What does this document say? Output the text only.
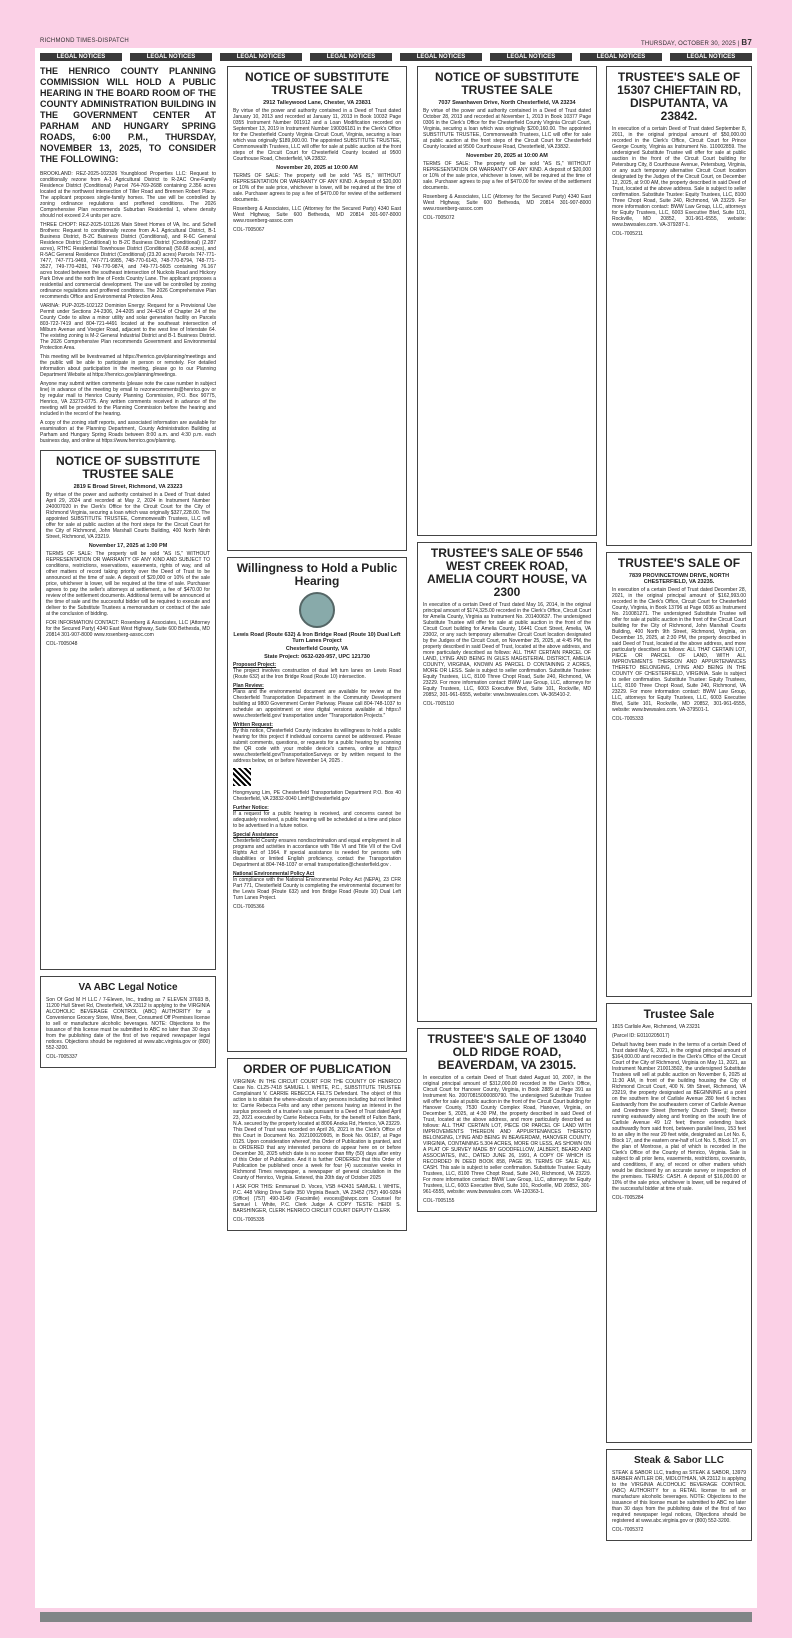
RICHMOND TIMES-DISPATCH	THURSDAY, OCTOBER 30, 2025 | B7
LEGAL NOTICES	LEGAL NOTICES	LEGAL NOTICES	LEGAL NOTICES	LEGAL NOTICES	LEGAL NOTICES	LEGAL NOTICES	LEGAL NOTICES
THE HENRICO COUNTY PLANNING COMMISSION WILL HOLD A PUBLIC HEARING IN THE BOARD ROOM OF THE COUNTY ADMINISTRATION BUILDING IN THE GOVERNMENT CENTER AT PARHAM AND HUNGARY SPRING ROADS, 6:00 P.M., THURSDAY, NOVEMBER 13, 2025, TO CONSIDER THE FOLLOWING:

BROOKLAND: REZ-2025-102326 Youngblood Properties LLC: Request to conditionally rezone from A-1 Agricultural District to R-2AC One-Family Residence District (Conditional) Parcel 764-769-2688 containing 2.356 acres located at the northwest intersection of Tiller Road and Brennen Robert Place. The applicant proposes single-family homes. The use will be controlled by zoning ordinance regulations and proffered conditions. The 2026 Comprehensive Plan recommends Suburban Residential 1, where density should not exceed 2.4 units per acre.

THREE CHOPT: REZ-2025-101126 Main Street Homes of VA, Inc. and Schell Brothers: Request to conditionally rezone from A-1 Agricultural District, B-1 Business District, B-2C Business District (Conditional), and R-6C General Residence District (Conditional) to B-2C Business District (Conditional) (2.287 acres), RTHC Residential Townhouse District (Conditional) (50.68 acres), and R-5AC General Residence District (Conditional) (23.20 acres) Parcels 747-771-7477, 747-771-9469, 747-771-9985, 748-770-6143, 748-770-8794, 748-771-3527, 749-770-4281, 749-770-9874, and 749-771-5605 containing 76.167 acres located between the southeast intersection of Nuckols Road and Hickory Park Drive and the north line of Fords Country Lane. The applicant proposes a residential and commercial development. The use will be controlled by zoning ordinance regulations and proffered conditions. The 2026 Comprehensive Plan recommends Office and Environmental Protection Area.

VARINA: PUP-2025-102122 Dominion Energy: Request for a Provisional Use Permit under Sections 24-2306, 24-4205 and 24-4314 of Chapter 24 of the County Code to allow a minor utility and solar generation facility on Parcels 803-722-7419 and 804-721-4491 located at the southeast intersection of Milburn Avenue and Voegier Road, adjacent to the west line of Interstate 64. The existing zoning is M-2 General Industrial District and B-1 Business District. The 2026 Comprehensive Plan recommends Government and Environmental Protection Area.

This meeting will be livestreamed at https://henrico.gov/planning/meetings and the public will be able to participate in person or remotely. For detailed information about participation in the meeting, please go to our Planning Department Website at https://henrico.gov/planning/meetings.

Anyone may submit written comments (please note the case number in subject line) in advance of the meeting by email to rezonecomments@henrico.gov or by regular mail to Henrico County Planning Commission, P.O. Box 90775, Henrico, VA 23273-0775. Any written comments received in advance of the meeting will be provided to the Planning Commission before the hearing and included in the record of the hearing.

A copy of the zoning staff reports, and associated information are available for examination at the Planning Department, County Administration Building at Parham and Hungary Spring Roads between 8:00 a.m. and 4:30 p.m. each business day, and online at https://www.henrico.gov/planning.

NOTICE OF SUBSTITUTE TRUSTEE SALE
2819 E Broad Street, Richmond, VA 23223

By virtue of the power and authority contained in a Deed of Trust dated April 29, 2024 and recorded at May 2, 2024 in Instrument Number 240007020 in the Clerk's Office for the Circuit Court for the City of Richmond Virginia, securing a loan which was originally $327,228.00. The appointed SUBSTITUTE TRUSTEE, Commonwealth Trustees, LLC will offer for sale at public auction at the front steps for the Circuit Court for the City of Richmond, John Marshall Courts Building, 400 North Ninth Street, Richmond, VA 23219.

November 17, 2025 at 1:00 PM

TERMS OF SALE: The property will be sold "AS IS," WITHOUT REPRESENTATION OR WARRANTY OF ANY KIND AND SUBJECT TO conditions, restrictions, reservations, easements, rights of way, and all other matters of record taking priority over the Deed of Trust to be announced at the time of sale. A deposit of $20,000 or 10% of the sale price, whichever is lower, will be required at the time of sale. Purchaser agrees to pay the seller's attorneys at settlement, a fee of $470.00 for review of the settlement documents. Additional terms will be announced at the time of sale and the successful bidder will be required to execute and deliver to the Substitute Trustees a memorandum or contract of the sale at the conclusion of bidding.

FOR INFORMATION CONTACT: Rosenberg & Associates, LLC (Attorney for the Secured Party) 4340 East West Highway, Suite 600 Bethesda, MD 20814 301-907-8000 www.rosenberg-assoc.com

COL-7005048

VA ABC Legal Notice

Son Of God M H LLC / 7-Eleven, Inc., trading as 7 ELEVEN 37693 B, 11200 Hull Street Rd, Chesterfield, VA 23112 is applying to the VIRGINIA ALCOHOLIC BEVERAGE CONTROL (ABC) AUTHORITY for a Convenience Grocery Store, Wine, Beer, Consumed Off Premises license to sell or manufacture alcoholic beverages. NOTE: Objections to the issuance of this license must be submitted to ABC no later than 30 days from the publishing date of the first of two required newspaper legal notices. Objections should be registered at www.abc.virginia.gov or (800) 552-3200.

COL-7005337

NOTICE OF SUBSTITUTE TRUSTEE SALE
2912 Talleywood Lane, Chester, VA 23831

By virtue of the power and authority contained in a Deed of Trust dated January 10, 2013 and recorded at January 11, 2013 in Book 10032 Page 0355 Instrument Number 001912 and a Loan Modification recorded on September 13, 2019 in Instrument Number 190036181 in the Clerk's Office for the Chesterfield County Virginia Circuit Court, Virginia, securing a loan which was originally $189,000.00. The appointed SUBSTITUTE TRUSTEE, Commonwealth Trustees, LLC will offer for sale at public auction at the front steps of the Circuit Court for Chesterfield County located at 9500 Courthouse Road, Chesterfield, VA 23832.

November 20, 2025 at 10:00 AM

TERMS OF SALE: The property will be sold "AS IS," WITHOUT REPRESENTATION OR WARRANTY OF ANY KIND. A deposit of $20,000 or 10% of the sale price, whichever is lower, will be required at the time of sale. Purchaser agrees to pay a fee of $470.00 for review of the settlement documents.

Rosenberg & Associates, LLC (Attorney for the Secured Party) 4340 East West Highway, Suite 600 Bethesda, MD 20814 301-907-8000 www.rosenberg-assoc.com

COL-7005067

Willingness to Hold a Public Hearing
Lewis Road (Route 632) & Iron Bridge Road (Route 10) Dual Left Turn Lanes Project
Chesterfield County, VA
State Project: 0632-020-957, UPC 121730
Proposed Project:

The project involves construction of dual left turn lanes on Lewis Road (Route 632) at the Iron Bridge Road (Route 10) intersection.

Plan Review:

Plans and the environmental document are available for review at the Chesterfield Transportation Department in the Community Development building at 9800 Government Center Parkway. Please call 804-748-1037 to schedule an appointment or view digital versions available at https:// www.chesterfield.gov/ transportation under "Transportation Projects."

Written Request:

By this notice, Chesterfield County indicates its willingness to hold a public hearing for this project if individual concerns cannot be addressed. Please submit comments, questions, or requests for a public hearing by scanning the QR code with your mobile device's camera, online at https:// www.chesterfield.gov/TransportationSurveys or by written request to the address below, on or before November 14, 2025 .

Hongmyung Lim, PE Chesterfield Transportation Department P.O. Box 40 Chesterfield, VA 23832-0040 LimH@chesterfield.gov

Further Notice:

If a request for a public hearing is received, and concerns cannot be adequately resolved, a public hearing will be scheduled at a time and place to be advertised in a future notice.

Special Assistance

Chesterfield County ensures nondiscrimination and equal employment in all programs and activities in accordance with Title VI and Title VII of the Civil Rights Act of 1964. If special assistance is needed for persons with disabilities or limited English proficiency, contact the Transportation Department at 804-748-1037 or email transportation@chesterfield.gov .

National Environmental Policy Act

In compliance with the National Environmental Policy Act (NEPA), 23 CFR Part 771, Chesterfield County is completing the environmental document for the Lewis Road (Route 632) and Iron Bridge Road (Route 10) Dual Left Turn Lanes Project.

COL-7005366

ORDER OF PUBLICATION

VIRGINIA: IN THE CIRCUIT COURT FOR THE COUNTY OF HENRICO Case No. CL25-7418 SAMUEL I. WHITE, P.C., SUBSTITUTE TRUSTEE Complainant V. CARRIE REBECCA FELTS Defendant. The object of this action is to obtain the where-abouts of any persons including but not limited to: Carrie Rebecca Felts and any other persons having an interest in the surplus proceeds of a trustee's sale pursuant to a Deed of Trust dated April 23, 2021 executed by Carrie Rebecca Felts, for the benefit of Fulton Bank, N.A. secured by the property located at 8006 Anoka Rd, Henrico, VA 23229. This Deed of Trust was recorded on April 26, 2021 in the Clerk's Office of this Court in Document No. 202100020905, in Book No. 06187, at Page 0125. Upon consideration whereof, this Order of Publication is granted, and is ORDERED that any interested persons do appear here on or before December 30, 2025 which date is no sooner than fifty (50) days after entry of this Order of Publication. And it is further ORDERED that this Order of Publication be published once a week for four (4) successive weeks in Richmond Times newspaper, a newspaper of general circulation in the County of Henrico, Virginia. Entered, this 20th day of October 2025

I ASK FOR THIS: Emmanuel D. Voces, VSB #42431 SAMUEL I. WHITE, P.C. 448 Viking Drive Suite 350 Virginia Beach, VA 23452 (757) 490-9284 (Office) (757) 490-3149 (Facsimile) evoces@siwpc.com Counsel for Samuel I. White, P.C. Clerk Judge A COPY TESTE: HEIDI S. BARSHINGER, CLERK HENRICO CIRCUIT COURT DEPUTY CLERK

COL-7005335

NOTICE OF SUBSTITUTE TRUSTEE SALE
7037 Swanhaven Drive, North Chesterfield, VA 23234

By virtue of the power and authority contained in a Deed of Trust dated October 28, 2013 and recorded at November 1, 2013 in Book 10377 Page 0306 in the Clerk's Office for the Chesterfield County Virginia Circuit Court, Virginia, securing a loan which was originally $200,160.00. The appointed SUBSTITUTE TRUSTEE, Commonwealth Trustees, LLC will offer for sale at public auction at the front steps of the Circuit Court for Chesterfield County located at 9500 Courthouse Road, Chesterfield, VA 23832.

November 20, 2025 at 10:00 AM

TERMS OF SALE: The property will be sold "AS IS," WITHOUT REPRESENTATION OR WARRANTY OF ANY KIND. A deposit of $20,000 or 10% of the sale price, whichever is lower, will be required at the time of sale. Purchaser agrees to pay a fee of $470.00 for review of the settlement documents.

Rosenberg & Associates, LLC (Attorney for the Secured Party) 4340 East West Highway, Suite 600 Bethesda, MD 20814 301-907-8000 www.rosenberg-assoc.com

COL-7005072

TRUSTEE'S SALE OF 5546 WEST CREEK ROAD, AMELIA COURT HOUSE, VA 2300

In execution of a certain Deed of Trust dated May 16, 2014, in the original principal amount of $174,325.00 recorded in the Clerk's Office, Circuit Court for Amelia County, Virginia as Instrument No. 201400637. The undersigned Substitute Trustee will offer for sale at public auction in the front of the Circuit Court building for Amelia County, 16441 Court Street, Amelia, VA 23002, or any such temporary alternative Circuit Court location designated by the Judges of the Circuit Court, on November 25, 2025, at 4:45 PM, the property described in said Deed of Trust, located at the above address, and more particularly described as follows: ALL THAT CERTAIN PARCEL OF LAND, LYING AND BEING IN GILES MAGISTERIAL DISTRICT, AMELIA COUNTY, VIRGINIA, KNOWN AS PARCEL D CONTAINING 2 ACRES, MORE OR LESS. Sale is subject to seller confirmation. Substitute Trustee: Equity Trustees, LLC, 8100 Three Chopt Road, Suite 240, Richmond, VA 23229. For more information contact: BWW Law Group, LLC, attorneys for Equity Trustees, LLC, 6003 Executive Blvd, Suite 101, Rockville, MD 20852, 301-961-6555, website: www.bwwsales.com. VA-365410-2.

COL-7005110

TRUSTEE'S SALE OF 13040 OLD RIDGE ROAD, BEAVERDAM, VA 23015.

In execution of a certain Deed of Trust dated August 10, 2007, in the original principal amount of $312,000.00 recorded in the Clerk's Office, Circuit Court for Hanover County, Virginia, in Book 2889 at Page 391 as Instrument No. 20070815000080790. The undersigned Substitute Trustee will offer for sale at public auction in the front of the Circuit Court building for Hanover County, 7530 County Complex Road, Hanover, Virginia, on December 5, 2025, at 4:30 PM, the property described in said Deed of Trust, located at the above address, and more particularly described as follows: ALL THAT CERTAIN LOT, PIECE OR PARCEL OF LAND WITH IMPROVEMENTS THEREON AND APPURTENANCES THERETO BELONGING, LYING AND BEING IN BEAVERDAM, HANOVER COUNTY, VIRGINIA, CONTAINING 5.304 ACRES, MORE OR LESS, AS SHOWN ON A PLAT OF SURVEY MADE BY GOODFELLOW, JALBERT, BEARD AND ASSOCIATES, INC., DATED JUNE 26, 1991, A COPY OF WHICH IS RECORDED IN DEED BOOK 858, PAGE 95. TERMS OF SALE: ALL CASH. This sale is subject to seller confirmation. Substitute Trustee: Equity Trustees, LLC, 8100 Three Chopt Road, Suite 240, Richmond, VA 23229. For more information contact: BWW Law Group, LLC, attorneys for Equity Trustees, LLC, 6003 Executive Blvd, Suite 101, Rockville, MD 20852, 301-961-6555, website: www.bwwsales.com. VA-120363-1.

COL-7005155

TRUSTEE'S SALE OF 15307 CHIEFTAIN RD, DISPUTANTA, VA 23842.

In execution of a certain Deed of Trust dated September 8, 2011, in the original principal amount of $50,000.00 recorded in the Clerk's Office, Circuit Court for Prince George County, Virginia as Instrument No. 110002859. The undersigned Substitute Trustee will offer for sale at public auction in the front of the Circuit Court building for Petersburg City, 8 Courthouse Avenue, Petersburg, Virginia, or any such temporary alternative Circuit Court location designated by the Judges of the Circuit Court, on December 12, 2025, at 9:00 AM, the property described in said Deed of Trust, located at the above address. Sale is subject to seller confirmation. Substitute Trustee: Equity Trustees, LLC, 8100 Three Chopt Road, Suite 240, Richmond, VA 23229. For more information contact: BWW Law Group, LLC, attorneys for Equity Trustees, LLC, 6003 Executive Blvd, Suite 101, Rockville, MD 20852, 301-961-6555, website: www.bwwsales.com. VA-379287-1.

COL-7005211

TRUSTEE'S SALE OF
7839 PROVINCETOWN DRIVE, NORTH CHESTERFIELD, VA 23235.

In execution of a certain Deed of Trust dated December 28, 2021, in the original principal amount of $162,993.00 recorded in the Clerk's Office, Circuit Court for Chesterfield County, Virginia, in Book 13796 at Page 0036 as Instrument No. 210081271. The undersigned Substitute Trustee will offer for sale at public auction in the front of the Circuit Court building for the City of Richmond, John Marshall Courts Building, 400 North 9th Street, Richmond, Virginia, on December 15, 2025, at 2:30 PM, the property described in said Deed of Trust, located at the above address, and more particularly described as follows: ALL THAT CERTAIN LOT, PIECE OR PARCEL OF LAND, WITH ALL IMPROVEMENTS THEREON AND APPURTENANCES THERETO BELONGING, LYING AND BEING IN THE COUNTY OF CHESTERFIELD, VIRGINIA. Sale is subject to seller confirmation. Substitute Trustee: Equity Trustees, LLC, 8100 Three Chopt Road, Suite 240, Richmond, VA 23229. For more information contact: BWW Law Group, LLC, attorneys for Equity Trustees, LLC, 6003 Executive Blvd, Suite 101, Rockville, MD 20852, 301-961-6555, website: www.bwwsales.com. VA-379501-1.

COL-7005333

Trustee Sale

1815 Carlisle Ave, Richmond, VA 23231

(Parcel ID: E0110205017)

Default having been made in the terms of a certain Deed of Trust dated May 6, 2021, in the original principal amount of $164,000.00 and recorded in the Clerk's Office of the Circuit Court of the City of Richmond, Virginia on May 11, 2021, as Instrument Number 210013502, the undersigned Substitute Trustees will sell at public auction on November 6, 2025 at 11:30 AM, in front of the building housing the City of Richmond Circuit Court, 400 N. 9th Street, Richmond, VA 23219, the property designated as BEGINNING at a point on the southern line of Carlisle Avenue 280 feet 6 inches Eastwardly from the southeastern corner of Carlisle Avenue and Creedmore Street (formerly Church Street); thence running eastwardly along and fronting on the south line of Carlisle Avenue 49 1/2 feet; thence extending back southwardly from said front, between parallel lines, 153 feet to an alley in the rear 20 feet wide, designated as Lot No. 6, Block 17, and the eastern one-half of Lot No. 5, Block 17, on the plan of Montrose, a plat of which is recorded in the Clerk's Office of the County of Henrico, Virginia. Sale is subject to all prior liens, easements, restrictions, covenants, and conditions, if any, of record or other matters which would be disclosed by an accurate survey or inspection of the premises. TERMS: CASH. A deposit of $16,000.00 or 10% of the sale price, whichever is lower, will be required of the successful bidder at time of sale.

COL-7005284

Steak & Sabor LLC

STEAK & SABOR LLC, trading as STEAK & SABOR, 13979 BARBER ANTLER DR, MIDLOTHIAN, VA 23112 is applying to the VIRGINIA ALCOHOLIC BEVERAGE CONTROL (ABC) AUTHORITY for a RETAIL license to sell or manufacture alcoholic beverages. NOTE: Objections to the issuance of this license must be submitted to ABC no later than 30 days from the publishing date of the first of two required newspaper legal notices, Objections should be registered at www.abc.virginia.gov or (800) 552-3200.

COL-7005372
